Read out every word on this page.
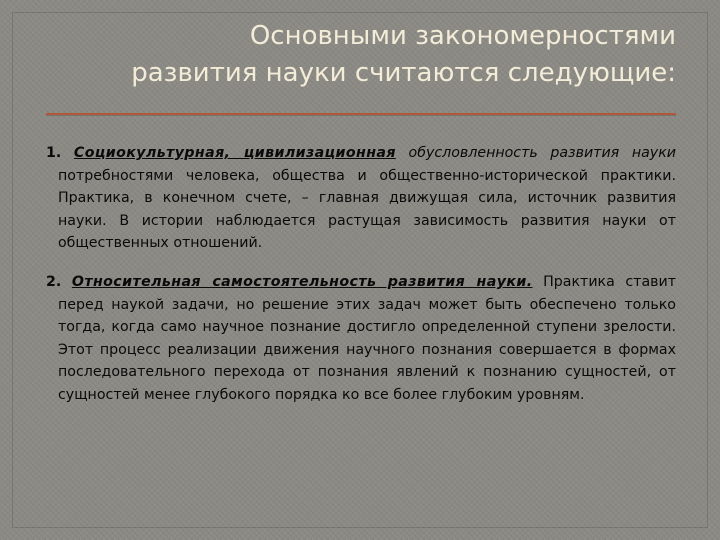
Основными закономерностями
развития науки считаются следующие:

1. Социокультурная, цивилизационная обусловленность развития науки потребностями человека, общества и общественно-исторической практики. Практика, в конечном счете, – главная движущая сила, источник развития науки. В истории наблюдается растущая зависимость развития науки от общественных отношений.

2. Относительная самостоятельность развития науки. Практика ставит перед наукой задачи, но решение этих задач может быть обеспечено только тогда, когда само научное познание достигло определенной ступени зрелости. Этот процесс реализации движения научного познания совершается в формах последовательного перехода от познания явлений к познанию сущностей, от сущностей менее глубокого порядка ко все более глубоким уровням.
